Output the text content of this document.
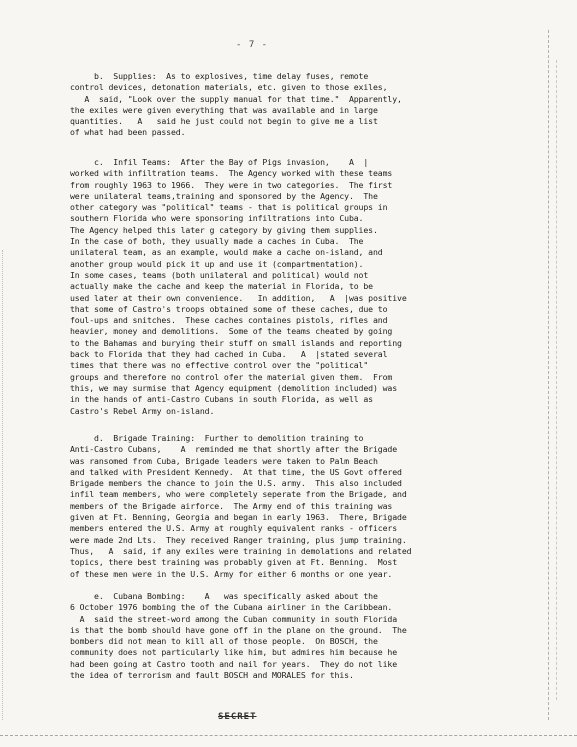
- 7 -
b.  Supplies:  As to explosives, time delay fuses, remote
control devices, detonation materials, etc. given to those exiles,
A  said, "Look over the supply manual for that time."  Apparently,
the exiles were given everything that was available and in large
quantities.   A   said he just could not begin to give me a list
of what had been passed.
c.  Infil Teams:  After the Bay of Pigs invasion,    A  |
worked with infiltration teams.  The Agency worked with these teams
from roughly 1963 to 1966.  They were in two categories.  The first
were unilateral teams,training and sponsored by the Agency.  The
other category was "political" teams - that is political groups in
southern Florida who were sponsoring infiltrations into Cuba.
The Agency helped this later g category by giving them supplies.
In the case of both, they usually made a caches in Cuba.  The
unilateral team, as an example, would make a cache on-island, and
another group would pick it up and use it (compartmentation).
In some cases, teams (both unilateral and political) would not
actually make the cache and keep the material in Florida, to be
used later at their own convenience.   In addition,   A  |was positive
that some of Castro's troops obtained some of these caches, due to
foul-ups and snitches.  These caches containes pistols, rifles and
heavier, money and demolitions.  Some of the teams cheated by going
to the Bahamas and burying their stuff on small islands and reporting
back to Florida that they had cached in Cuba.   A  |stated several
times that there was no effective control over the "political"
groups and therefore no control ofer the material given them.  From
this, we may surmise that Agency equipment (demolition included) was
in the hands of anti-Castro Cubans in south Florida, as well as
Castro's Rebel Army on-island.
d.  Brigade Training:  Further to demolition training to
Anti-Castro Cubans,    A  reminded me that shortly after the Brigade
was ransomed from Cuba, Brigade leaders were taken to Palm Beach
and talked with President Kennedy.  At that time, the US Govt offered
Brigade members the chance to join the U.S. army.  This also included
infil team members, who were completely seperate from the Brigade, and
members of the Brigade airforce.  The Army end of this training was
given at Ft. Benning, Georgia and began in early 1963.  There, Brigade
members entered the U.S. Army at roughly equivalent ranks - officers
were made 2nd Lts.  They received Ranger training, plus jump training.
Thus,   A  said, if any exiles were training in demolations and related
topics, there best training was probably given at Ft. Benning.  Most
of these men were in the U.S. Army for either 6 months or one year.
e.  Cubana Bombing:    A   was specifically asked about the
6 October 1976 bombing the of the Cubana airliner in the Caribbean.
A  said the street-word among the Cuban community in south Florida
is that the bomb should have gone off in the plane on the ground.  The
bombers did not mean to kill all of those people.  On BOSCH, the
community does not particularly like him, but admires him because he
had been going at Castro tooth and nail for years.  They do not like
the idea of terrorism and fault BOSCH and MORALES for this.
SECRET
